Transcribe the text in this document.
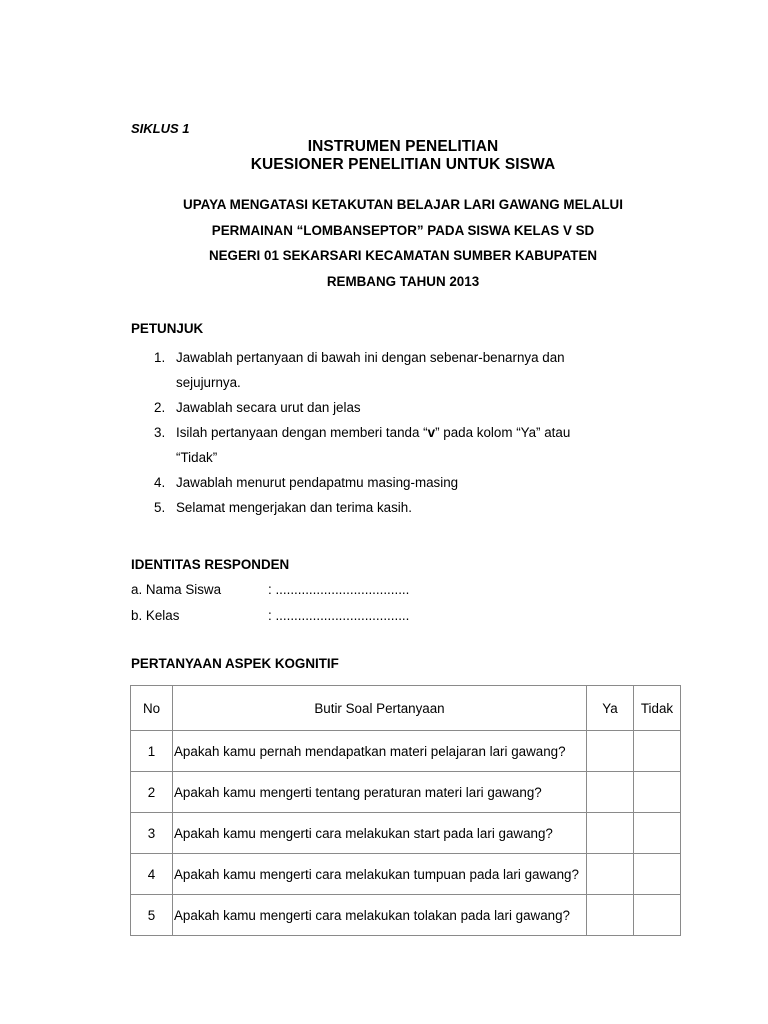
SIKLUS 1
INSTRUMEN PENELITIAN
KUESIONER PENELITIAN UNTUK SISWA
UPAYA MENGATASI KETAKUTAN BELAJAR LARI GAWANG MELALUI
PERMAINAN “LOMBANSEPTOR” PADA SISWA KELAS V SD
NEGERI 01 SEKARSARI KECAMATAN SUMBER KABUPATEN
REMBANG TAHUN 2013
PETUNJUK
1. Jawablah pertanyaan di bawah ini dengan sebenar-benarnya dan
sejujurnya.
2. Jawablah secara urut dan jelas
3. Isilah pertanyaan dengan memberi tanda “v” pada kolom “Ya” atau
“Tidak”
4. Jawablah menurut pendapatmu masing-masing
5. Selamat mengerjakan dan terima kasih.
IDENTITAS RESPONDEN
a. Nama Siswa	: ....................................
b. Kelas	: ....................................
PERTANYAAN ASPEK KOGNITIF
No	Butir Soal Pertanyaan	Ya	Tidak
1	Apakah kamu pernah mendapatkan materi pelajaran lari gawang?		

2	Apakah kamu mengerti tentang peraturan materi lari gawang?		

3	Apakah kamu mengerti cara melakukan start pada lari gawang?		

4	Apakah kamu mengerti cara melakukan tumpuan pada lari gawang?		

5	Apakah kamu mengerti cara melakukan tolakan pada lari gawang?		
